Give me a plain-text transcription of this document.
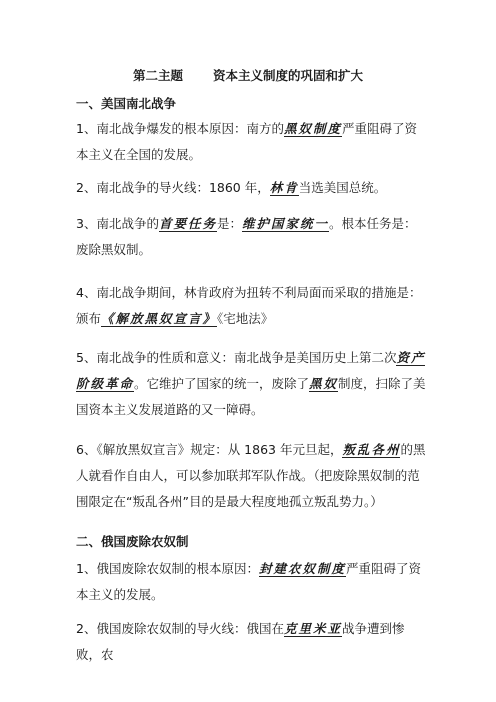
第二主题 资本主义制度的巩固和扩大
一、美国南北战争
1、南北战争爆发的根本原因：南方的黑奴制度严重阻碍了资本主义在全国的发展。
2、南北战争的导火线：1860 年，林肯当选美国总统。
3、南北战争的首要任务是：维护国家统一。根本任务是：废除黑奴制。
4、南北战争期间，林肯政府为扭转不利局面而采取的措施是：颁布《解放黑奴宣言》《宅地法》
5、南北战争的性质和意义：南北战争是美国历史上第二次资产阶级革命。它维护了国家的统一，废除了黑奴制度，扫除了美国资本主义发展道路的又一障碍。
6、《解放黑奴宣言》规定：从 1863 年元旦起，叛乱各州的黑人就看作自由人，可以参加联邦军队作战。（把废除黑奴制的范围限定在“叛乱各州”目的是最大程度地孤立叛乱势力。）
二、俄国废除农奴制
1、俄国废除农奴制的根本原因：封建农奴制度严重阻碍了资本主义的发展。
2、俄国废除农奴制的导火线：俄国在克里米亚战争遭到惨败，农
